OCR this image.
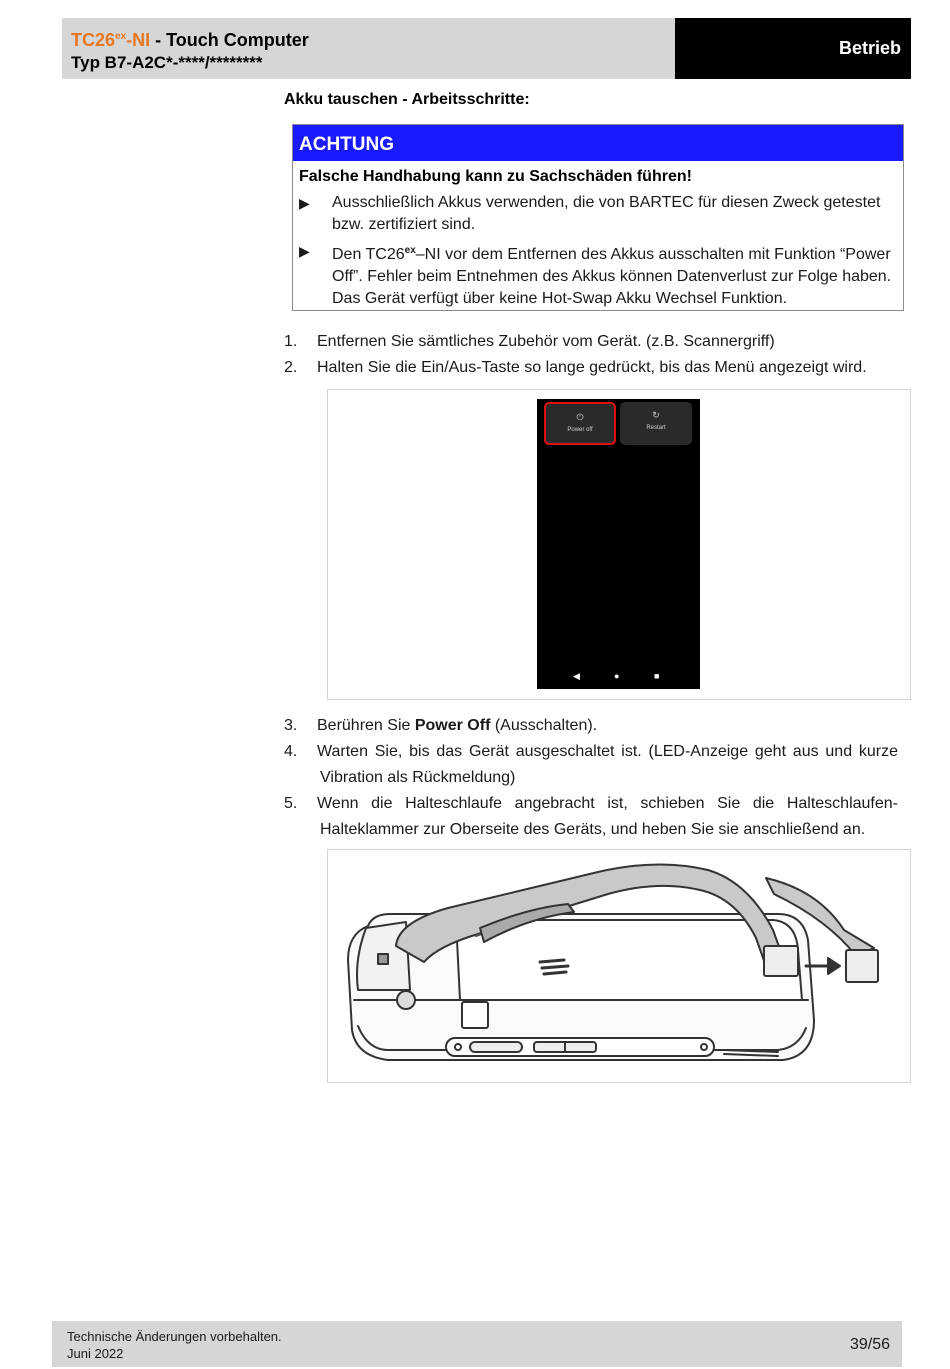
$TC26^{ex}-NI$ - Touch Computer
Typ B7-A2C*-****/********
Betrieb
Akku tauschen - Arbeitsschritte:
ACHTUNG
Falsche Handhabung kann zu Sachschäden führen!
▶	Ausschließlich Akkus verwenden, die von BARTEC für diesen Zweck getestet bzw. zertifiziert sind.
▶	Den $TC26^{ex}-NI$ vor dem Entfernen des Akkus ausschalten mit Funktion “Power Off”. Fehler beim Entnehmen des Akkus können Datenverlust zur Folge haben. Das Gerät verfügt über keine Hot-Swap Akku Wechsel Funktion.
1.	Entfernen Sie sämtliches Zubehör vom Gerät. (z.B. Scannergriff)
2.	Halten Sie die Ein/Aus-Taste so lange gedrückt, bis das Menü angezeigt wird.
⏻
Power off
↻
Restart
◀	●	■
3.	Berühren Sie Power Off (Ausschalten).
4.	Warten Sie, bis das Gerät ausgeschaltet ist. (LED-Anzeige geht aus und kurze
Vibration als Rückmeldung)
5.	Wenn die Halteschlaufe angebracht ist, schieben Sie die Halteschlaufen-
Halteklammer zur Oberseite des Geräts, und heben Sie sie anschließend an.
Technische Änderungen vorbehalten.
Juni 2022
39/56
